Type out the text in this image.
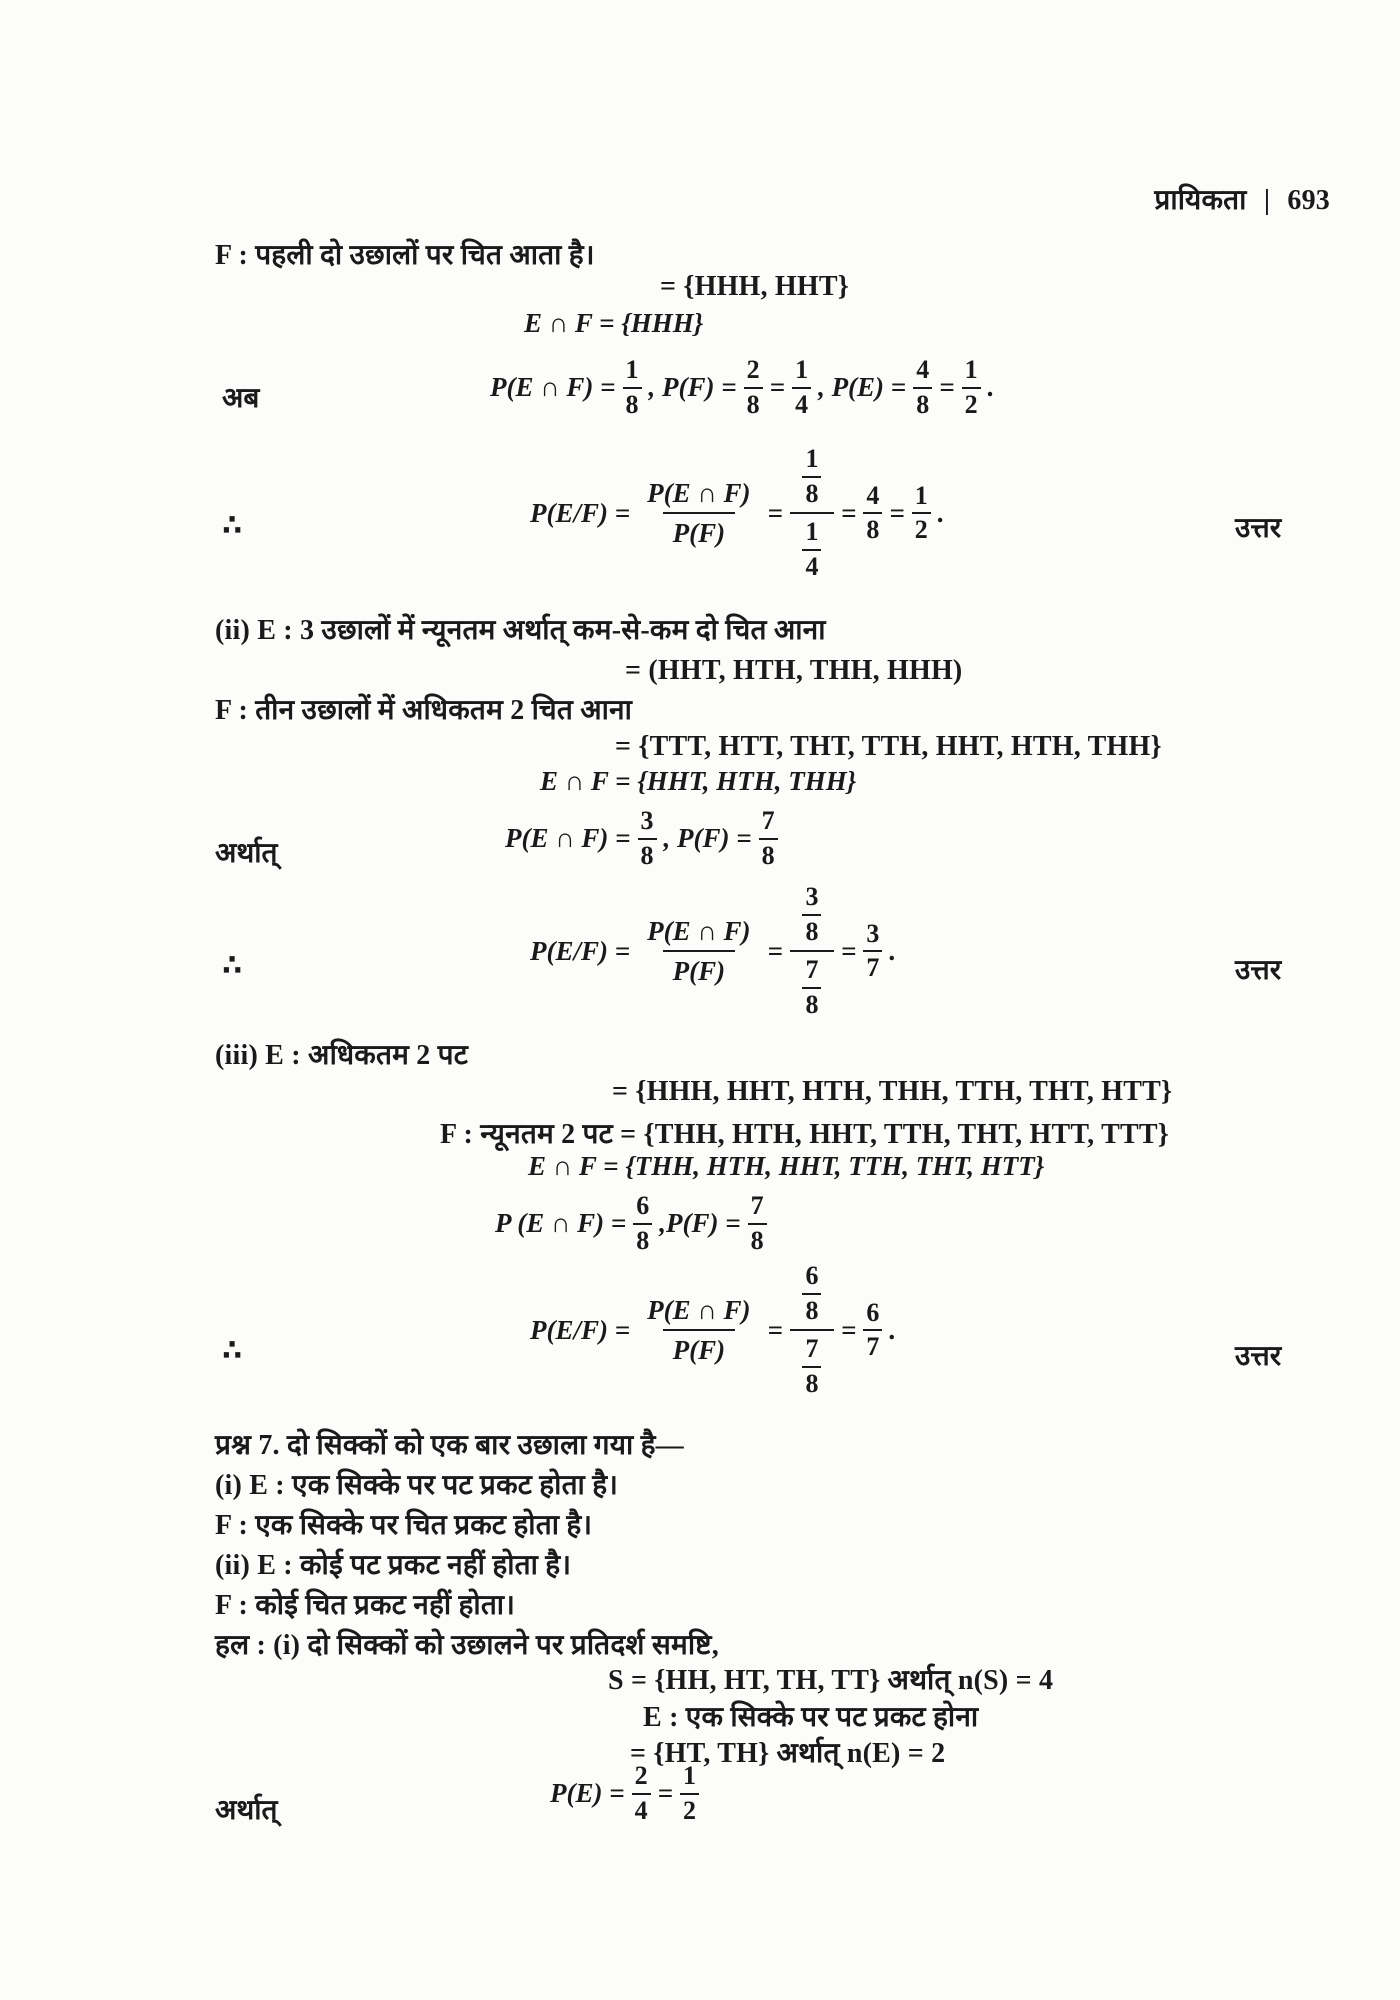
प्रायिकता | 693
F : पहली दो उछालों पर चित आता है।
= {HHH, HHT}
E ∩ F = {HHH}
अब	P(E ∩ $F) = \frac{1}{8}$ , $P(F) = \frac{2}{8} = \frac{1}{4}$ , $P(E) = \frac{4}{8} = \frac{1}{2}$ .
∴	$P(E/F) = \frac{P(E \cap F)}{P(F)}$ =
$\frac{1}{8}$
$\frac{1}{4}$
= $\frac{4}{8} = \frac{1}{2}$ .
उत्तर
(ii) E : 3 उछालों में न्यूनतम अर्थात् कम-से-कम दो चित आना
= (HHT, HTH, THH, HHH)
F : तीन उछालों में अधिकतम 2 चित आना
= {TTT, HTT, THT, TTH, HHT, HTH, THH}
E ∩ F = {HHT, HTH, THH}
अर्थात्	P(E ∩ $F) = \frac{3}{8}$ , $P(F) = \frac{7}{8}$
∴	$P(E/F) = \frac{P(E \cap F)}{P(F)}$ =
$\frac{3}{8}$
$\frac{7}{8}$
= $\frac{3}{7}$ .
उत्तर
(iii) E : अधिकतम 2 पट
= {HHH, HHT, HTH, THH, TTH, THT, HTT}
F : न्यूनतम 2 पट = {THH, HTH, HHT, TTH, THT, HTT, TTT}
E ∩ F = {THH, HTH, HHT, TTH, THT, HTT}
P (E ∩ $F) = \frac{6}{8} ,P(F) = \frac{7}{8}$
∴
$P(E/F) = \frac{P(E \cap F)}{P(F)}$ =
$\frac{6}{8}$
$\frac{7}{8}$
= $\frac{6}{7}$ .
उत्तर
प्रश्न 7. दो सिक्कों को एक बार उछाला गया है—
(i) E : एक सिक्के पर पट प्रकट होता है।
F : एक सिक्के पर चित प्रकट होता है।
(ii) E : कोई पट प्रकट नहीं होता है।
F : कोई चित प्रकट नहीं होता।
हल : (i) दो सिक्कों को उछालने पर प्रतिदर्श समष्टि,
S = {HH, HT, TH, TT} अर्थात् n(S) = 4
E : एक सिक्के पर पट प्रकट होना
= {HT, TH} अर्थात् n(E) = 2
अर्थात्
$P(E) = \frac{2}{4} = \frac{1}{2}$
